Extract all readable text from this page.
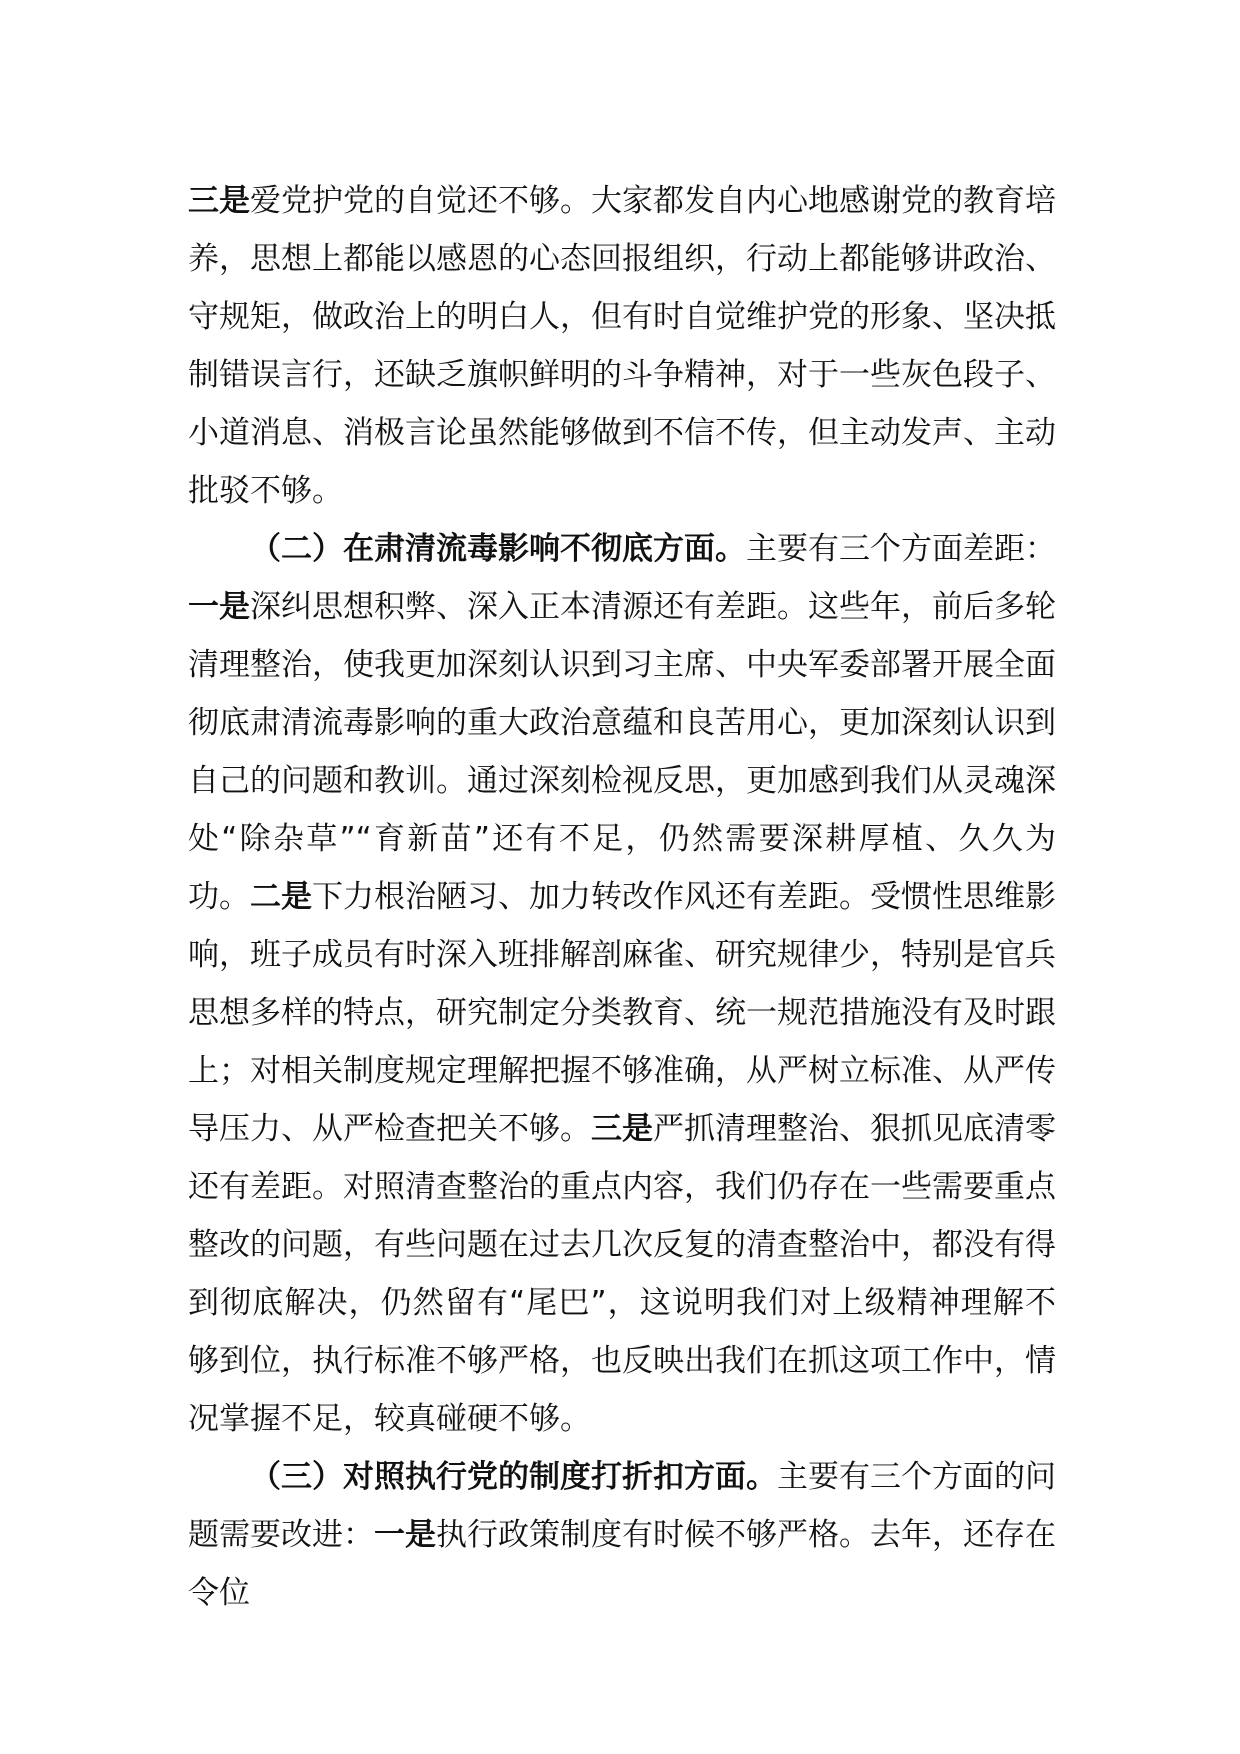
三是爱党护党的自觉还不够。大家都发自内心地感谢党的教育培养，思想上都能以感恩的心态回报组织，行动上都能够讲政治、守规矩，做政治上的明白人，但有时自觉维护党的形象、坚决抵制错误言行，还缺乏旗帜鲜明的斗争精神，对于一些灰色段子、小道消息、消极言论虽然能够做到不信不传，但主动发声、主动批驳不够。

（二）在肃清流毒影响不彻底方面。主要有三个方面差距：一是深纠思想积弊、深入正本清源还有差距。这些年，前后多轮清理整治，使我更加深刻认识到习主席、中央军委部署开展全面彻底肃清流毒影响的重大政治意蕴和良苦用心，更加深刻认识到自己的问题和教训。通过深刻检视反思，更加感到我们从灵魂深处“除杂草”“育新苗”还有不足，仍然需要深耕厚植、久久为功。二是下力根治陋习、加力转改作风还有差距。受惯性思维影响，班子成员有时深入班排解剖麻雀、研究规律少，特别是官兵思想多样的特点，研究制定分类教育、统一规范措施没有及时跟上；对相关制度规定理解把握不够准确，从严树立标准、从严传导压力、从严检查把关不够。三是严抓清理整治、狠抓见底清零还有差距。对照清查整治的重点内容，我们仍存在一些需要重点整改的问题，有些问题在过去几次反复的清查整治中，都没有得到彻底解决，仍然留有“尾巴”，这说明我们对上级精神理解不够到位，执行标准不够严格，也反映出我们在抓这项工作中，情况掌握不足，较真碰硬不够。

（三）对照执行党的制度打折扣方面。主要有三个方面的问题需要改进：一是执行政策制度有时候不够严格。去年，还存在令位
